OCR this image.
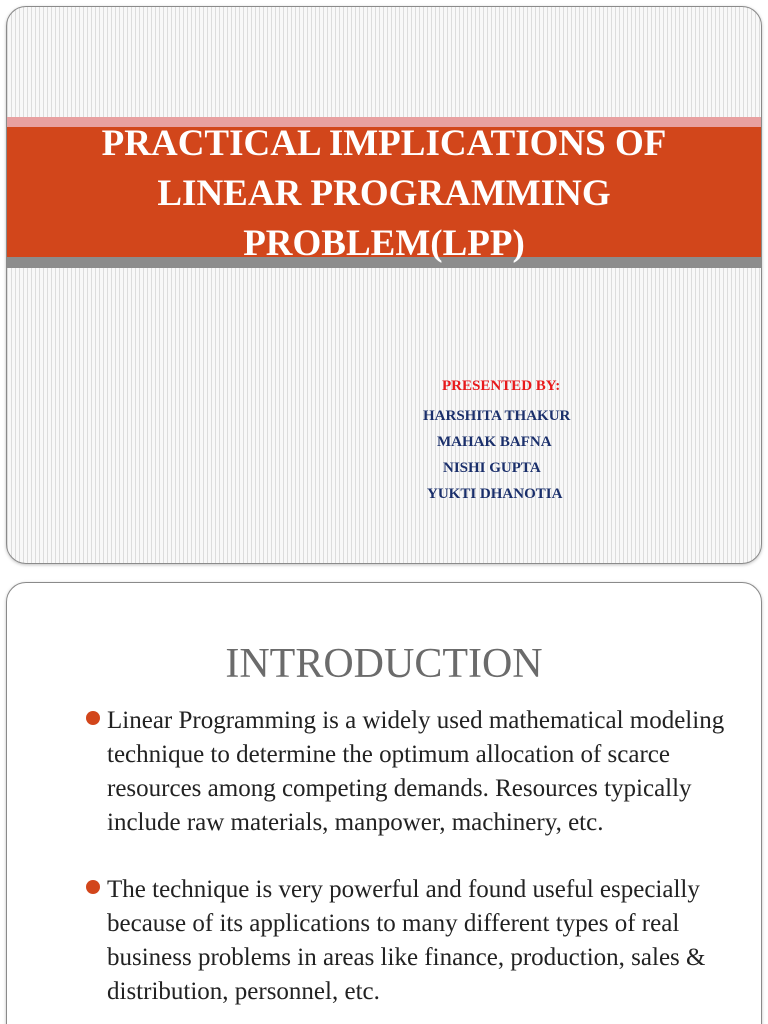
PRACTICAL IMPLICATIONS OF
LINEAR PROGRAMMING
PROBLEM(LPP)
PRESENTED BY:
HARSHITA THAKUR
MAHAK BAFNA
NISHI GUPTA
YUKTI DHANOTIA
INTRODUCTION
Linear Programming is a widely used mathematical modeling technique to determine the optimum allocation of scarce resources among competing demands. Resources typically include raw materials, manpower, machinery, etc.
The technique is very powerful and found useful especially because of its applications to many different types of real business problems in areas like finance, production, sales & distribution, personnel, etc.
